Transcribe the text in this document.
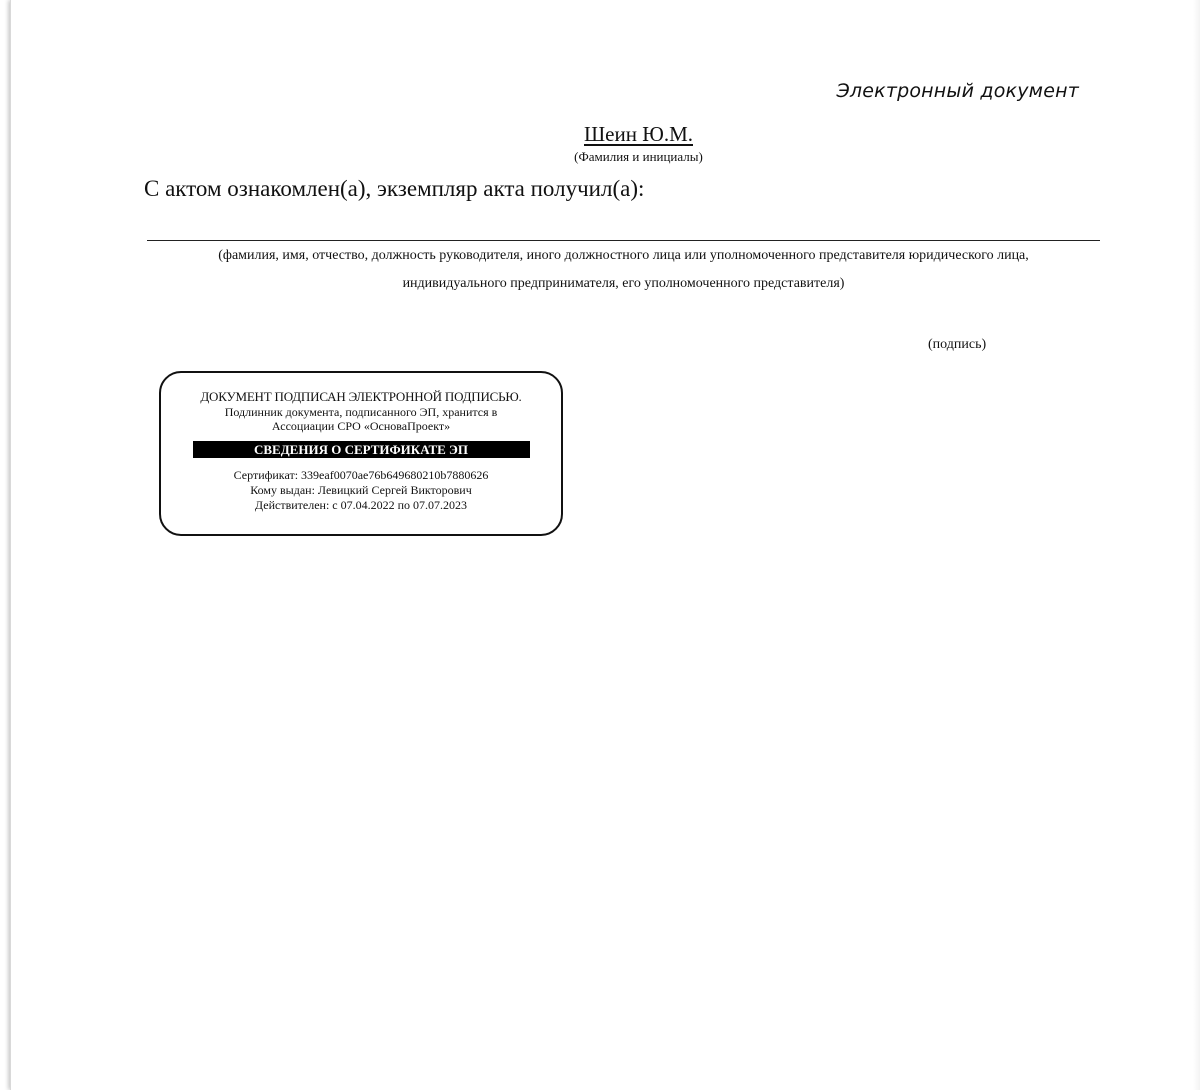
Электронный документ
Шеин Ю.М.
(Фамилия и инициалы)
С актом ознакомлен(а), экземпляр акта получил(а):
(фамилия, имя, отчество, должность руководителя, иного должностного лица или уполномоченного представителя юридического лица,
индивидуального предпринимателя, его уполномоченного представителя)
(подпись)
ДОКУМЕНТ ПОДПИСАН ЭЛЕКТРОННОЙ ПОДПИСЬЮ.
Подлинник документа, подписанного ЭП, хранится в
Ассоциации СРО «ОсноваПроект»
СВЕДЕНИЯ О СЕРТИФИКАТЕ ЭП
Сертификат: 339eaf0070ae76b649680210b7880626
Кому выдан: Левицкий Сергей Викторович
Действителен: с 07.04.2022 по 07.07.2023
